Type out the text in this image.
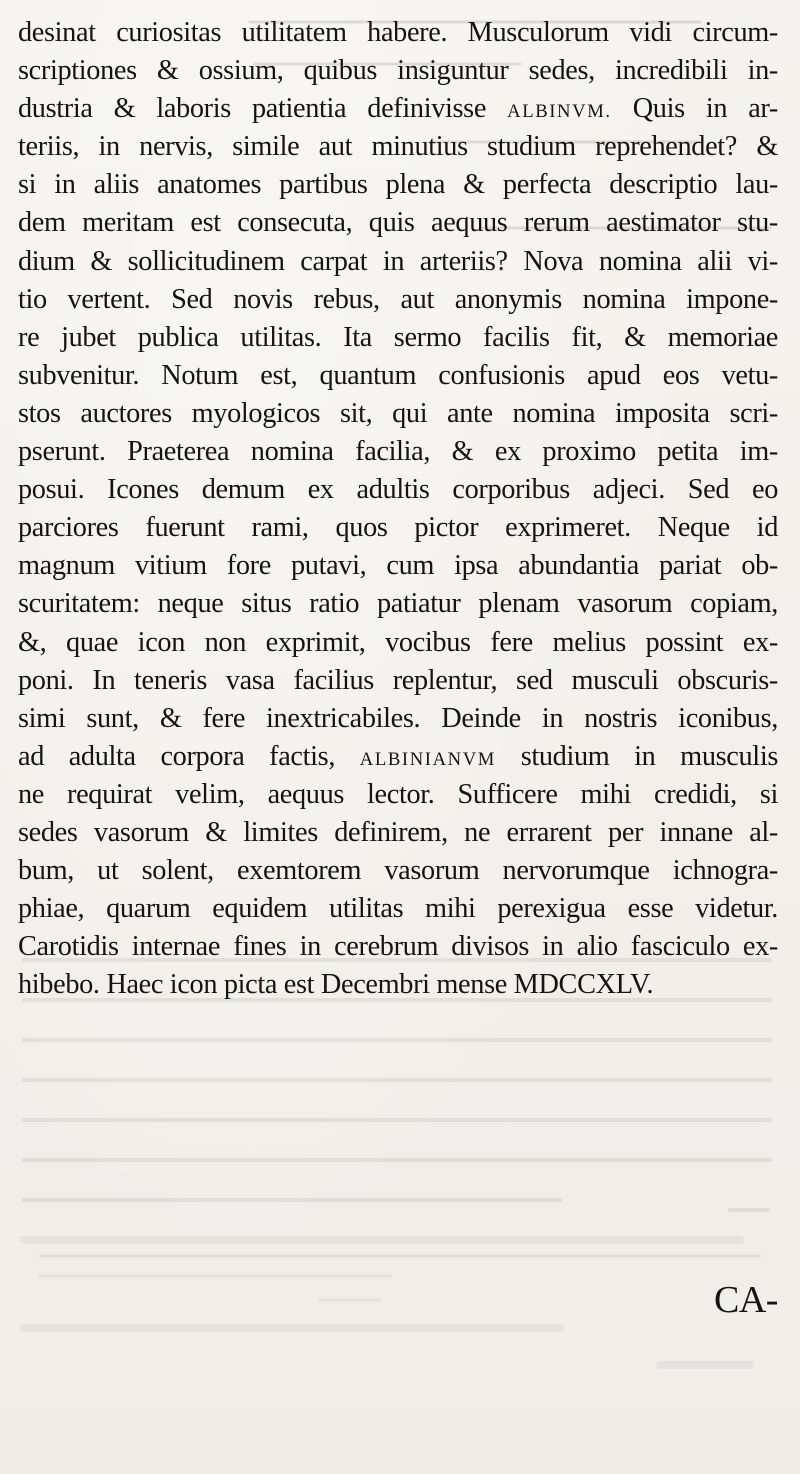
desinat curiositas utilitatem habere. Musculorum vidi circum-
scriptiones & ossium, quibus insiguntur sedes, incredibili in-
dustria & laboris patientia definivisse ALBINVM. Quis in ar-
teriis, in nervis, simile aut minutius studium reprehendet? &
si in aliis anatomes partibus plena & perfecta descriptio lau-
dem meritam est consecuta, quis aequus rerum aestimator stu-
dium & sollicitudinem carpat in arteriis? Nova nomina alii vi-
tio vertent. Sed novis rebus, aut anonymis nomina impone-
re jubet publica utilitas. Ita sermo facilis fit, & memoriae
subvenitur. Notum est, quantum confusionis apud eos vetu-
stos auctores myologicos sit, qui ante nomina imposita scri-
pserunt. Praeterea nomina facilia, & ex proximo petita im-
posui. Icones demum ex adultis corporibus adjeci. Sed eo
parciores fuerunt rami, quos pictor exprimeret. Neque id
magnum vitium fore putavi, cum ipsa abundantia pariat ob-
scuritatem: neque situs ratio patiatur plenam vasorum copiam,
&, quae icon non exprimit, vocibus fere melius possint ex-
poni. In teneris vasa facilius replentur, sed musculi obscuris-
simi sunt, & fere inextricabiles. Deinde in nostris iconibus,
ad adulta corpora factis, ALBINIANVM studium in musculis
ne requirat velim, aequus lector. Sufficere mihi credidi, si
sedes vasorum & limites definirem, ne errarent per innane al-
bum, ut solent, exemtorem vasorum nervorumque ichnogra-
phiae, quarum equidem utilitas mihi perexigua esse videtur.
Carotidis internae fines in cerebrum divisos in alio fasciculo ex-
hibebo. Haec icon picta est Decembri mense MDCCXLV.
CA-
